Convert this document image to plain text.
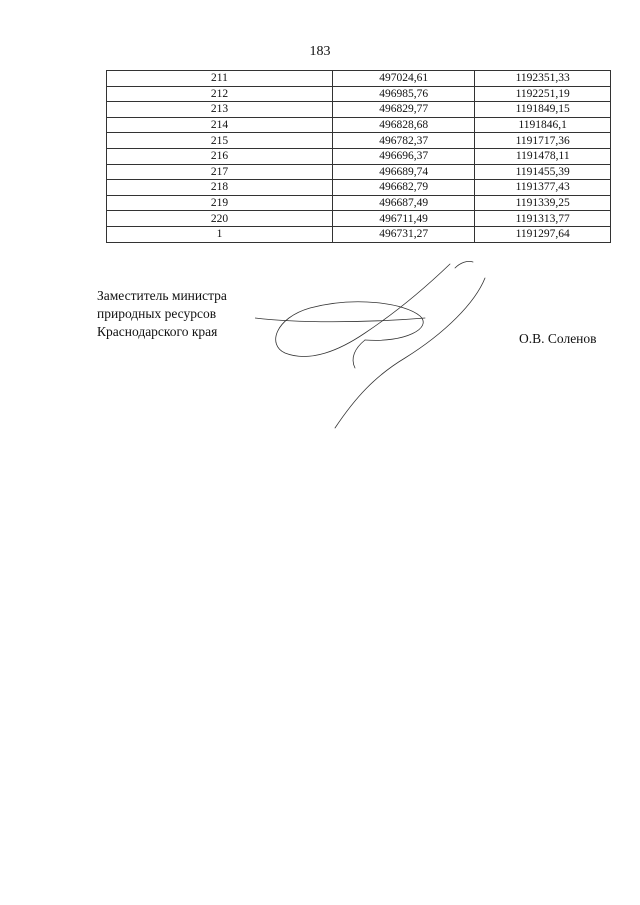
183
211	497024,61	1192351,33
212	496985,76	1192251,19
213	496829,77	1191849,15
214	496828,68	1191846,1
215	496782,37	1191717,36
216	496696,37	1191478,11
217	496689,74	1191455,39
218	496682,79	1191377,43
219	496687,49	1191339,25
220	496711,49	1191313,77
1	496731,27	1191297,64
Заместитель министра
природных ресурсов
Краснодарского края	О.В. Соленов
